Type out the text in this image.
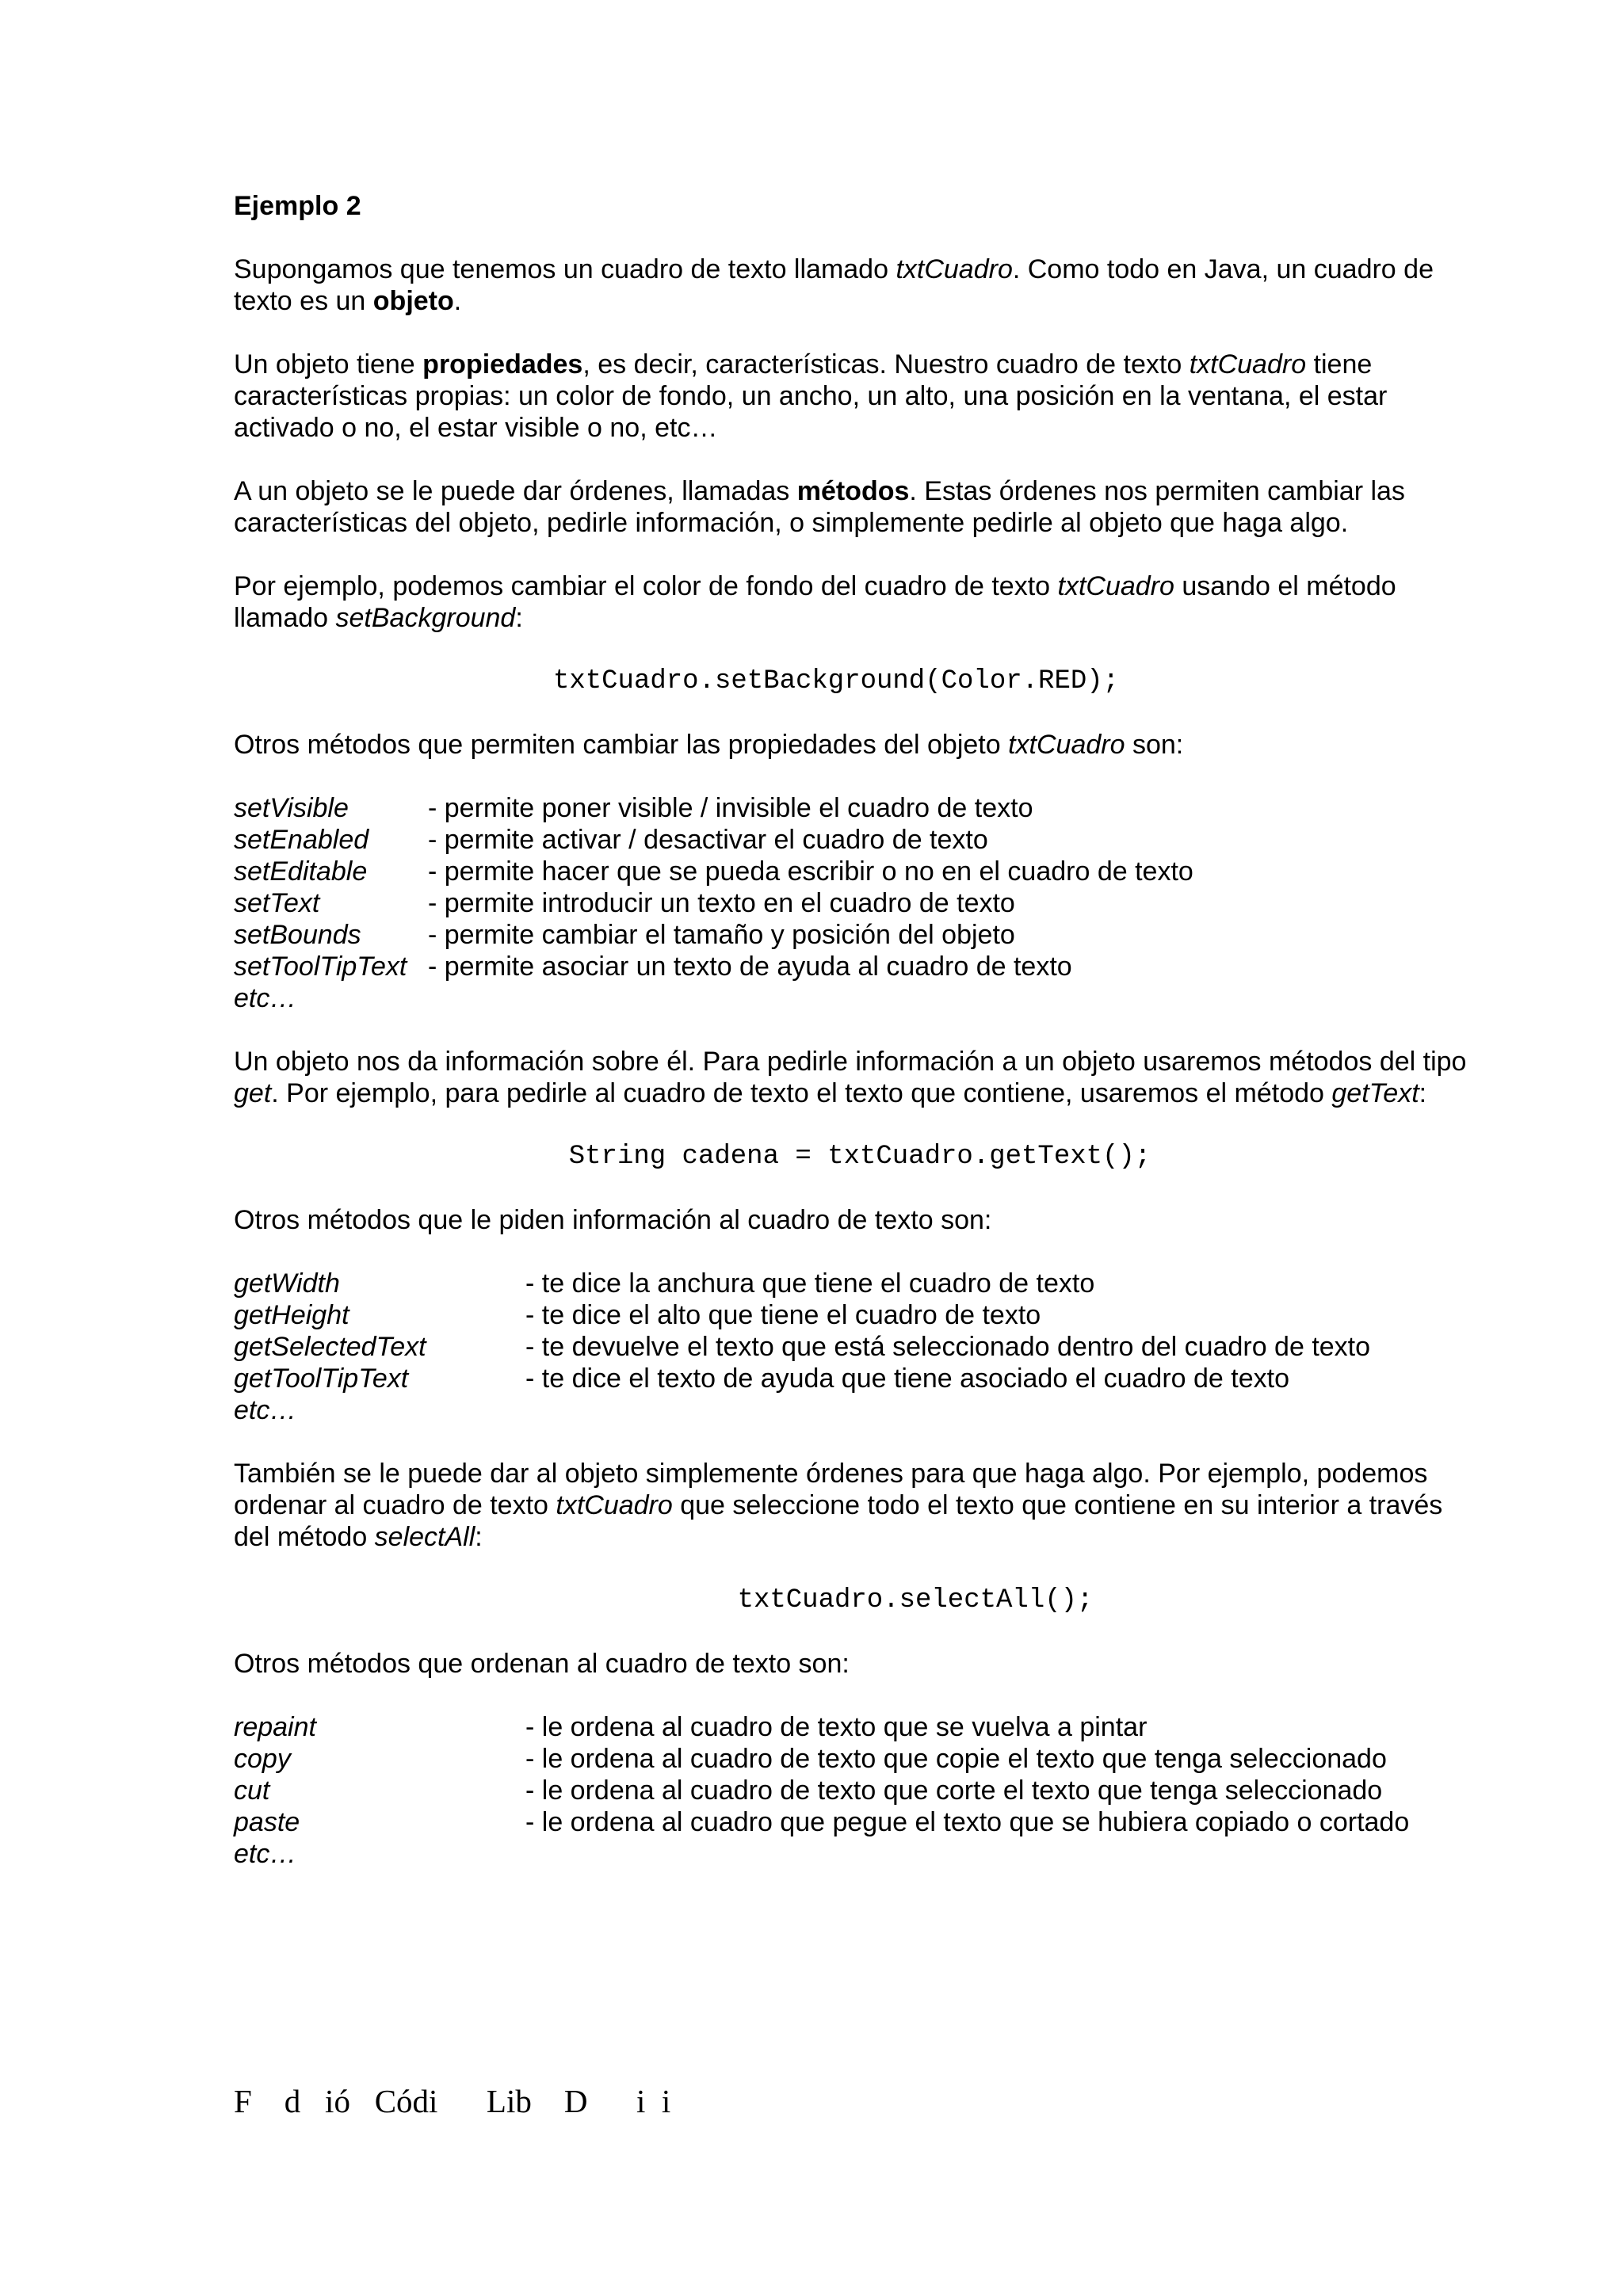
Ejemplo 2

Supongamos que tenemos un cuadro de texto llamado txtCuadro. Como todo en Java, un cuadro de texto es un objeto.

Un objeto tiene propiedades, es decir, características. Nuestro cuadro de texto txtCuadro tiene características propias: un color de fondo, un ancho, un alto, una posición en la ventana, el estar activado o no, el estar visible o no, etc…

A un objeto se le puede dar órdenes, llamadas métodos. Estas órdenes nos permiten cambiar las características del objeto, pedirle información, o simplemente pedirle al objeto que haga algo.

Por ejemplo, podemos cambiar el color de fondo del cuadro de texto txtCuadro usando el método llamado setBackground:

txtCuadro.setBackground(Color.RED);

Otros métodos que permiten cambiar las propiedades del objeto txtCuadro son:

setVisible	- permite poner visible / invisible el cuadro de texto
setEnabled	- permite activar / desactivar el cuadro de texto
setEditable	- permite hacer que se pueda escribir o no en el cuadro de texto
setText	- permite introducir un texto en el cuadro de texto
setBounds	- permite cambiar el tamaño y posición del objeto
setToolTipText - permite asociar un texto de ayuda al cuadro de texto
etc…

Un objeto nos da información sobre él. Para pedirle información a un objeto usaremos métodos del tipo get. Por ejemplo, para pedirle al cuadro de texto el texto que contiene, usaremos el método getText:

String cadena = txtCuadro.getText();

Otros métodos que le piden información al cuadro de texto son:

getWidth	- te dice la anchura que tiene el cuadro de texto
getHeight	- te dice el alto que tiene el cuadro de texto
getSelectedText	- te devuelve el texto que está seleccionado dentro del cuadro de texto
getToolTipText	- te dice el texto de ayuda que tiene asociado el cuadro de texto
etc…

También se le puede dar al objeto simplemente órdenes para que haga algo. Por ejemplo, podemos ordenar al cuadro de texto txtCuadro que seleccione todo el texto que contiene en su interior a través del método selectAll:

txtCuadro.selectAll();

Otros métodos que ordenan al cuadro de texto son:

repaint	- le ordena al cuadro de texto que se vuelva a pintar
copy	- le ordena al cuadro de texto que copie el texto que tenga seleccionado
cut	- le ordena al cuadro de texto que corte el texto que tenga seleccionado
paste	- le ordena al cuadro que pegue el texto que se hubiera copiado o cortado
etc…
F    d   ió   Códi      Lib    D      i  i
